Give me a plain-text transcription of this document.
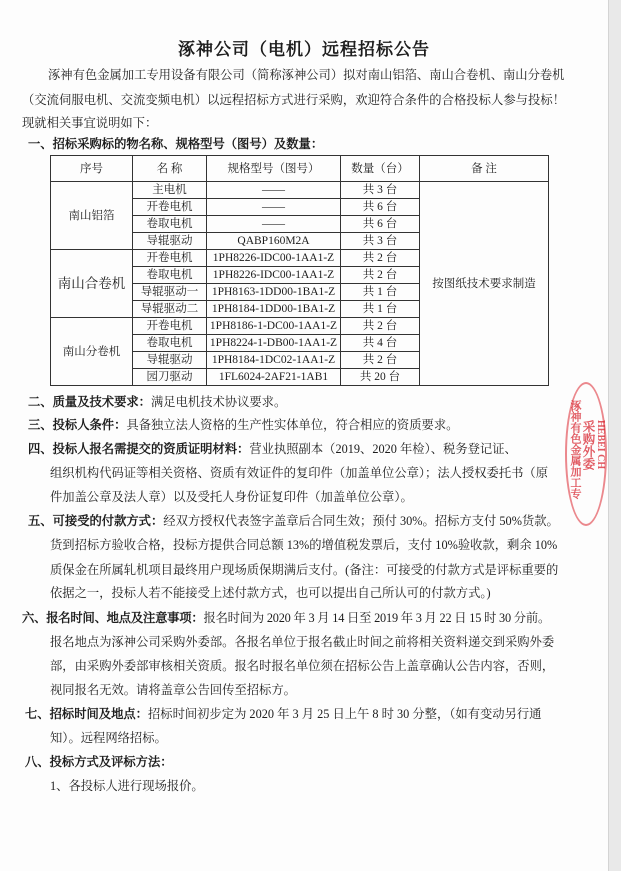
涿神公司（电机）远程招标公告
涿神有色金属加工专用设备有限公司（简称涿神公司）拟对南山铝箔、南山合卷机、南山分卷机
（交流伺服电机、交流变频电机）以远程招标方式进行采购，欢迎符合条件的合格投标人参与投标！
现就相关事宜说明如下：
一、招标采购标的物名称、规格型号（图号）及数量：
序号	名 称	规格型号（图号）	数量（台）	备 注
南山铝箔	主电机	——	共 3 台	按图纸技术要求制造
	开卷电机	——	共 6 台	
	卷取电机	——	共 6 台	
	导辊驱动	QABP160M2A	共 3 台	
南山合卷机	开卷电机	1PH8226-IDC00-1AA1-Z	共 2 台	
	卷取电机	1PH8226-IDC00-1AA1-Z	共 2 台	
	导辊驱动一	1PH8163-1DD00-1BA1-Z	共 1 台	
	导辊驱动二	1PH8184-1DD00-1BA1-Z	共 1 台	
南山分卷机	开卷电机	1PH8186-1-DC00-1AA1-Z	共 2 台	
	卷取电机	1PH8224-1-DB00-1AA1-Z	共 4 台	
	导辊驱动	1PH8184-1DC02-1AA1-Z	共 2 台	
	园刀驱动	1FL6024-2AF21-1AB1	共 20 台	
二、质量及技术要求：满足电机技术协议要求。
三、投标人条件：具备独立法人资格的生产性实体单位，符合相应的资质要求。
四、投标人报名需提交的资质证明材料：营业执照副本（2019、2020 年检）、税务登记证、
组织机构代码证等相关资格、资质有效证件的复印件（加盖单位公章）；法人授权委托书（原
件加盖公章及法人章）以及受托人身份证复印件（加盖单位公章）。
五、可接受的付款方式：经双方授权代表签字盖章后合同生效；预付 30%。招标方支付 50%货款。
货到招标方验收合格，投标方提供合同总额 13%的增值税发票后，支付 10%验收款，剩余 10%
质保金在所属轧机项目最终用户现场质保期满后支付。(备注：可接受的付款方式是评标重要的
依据之一，投标人若不能接受上述付款方式，也可以提出自己所认可的付款方式。)
六、报名时间、地点及注意事项：报名时间为 2020 年 3 月 14 日至 2019 年 3 月 22 日 15 时 30 分前。
报名地点为涿神公司采购外委部。各报名单位于报名截止时间之前将相关资料递交到采购外委
部，由采购外委部审核相关资质。报名时报名单位须在招标公告上盖章确认公告内容，否则，
视同报名无效。请将盖章公告回传至招标方。
七、招标时间及地点：招标时间初步定为 2020 年 3 月 25 日上午 8 时 30 分整，（如有变动另行通
知）。远程网络招标。
八、投标方式及评标方法：
1、各投标人进行现场报价。
涿神有色金属加工专 采购外委 HEBEI CH
